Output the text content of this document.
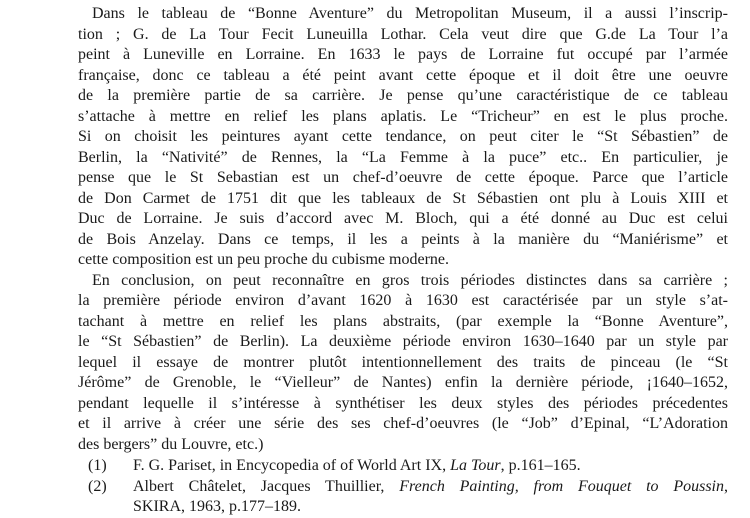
Dans le tableau de “Bonne Aventure” du Metropolitan Museum, il a aussi l’inscrip-
tion ; G. de La Tour Fecit Luneuilla Lothar. Cela veut dire que G.de La Tour l’a
peint à Luneville en Lorraine. En 1633 le pays de Lorraine fut occupé par l’armée
française, donc ce tableau a été peint avant cette époque et il doit être une oeuvre
de la première partie de sa carrière. Je pense qu’une caractéristique de ce tableau
s’attache à mettre en relief les plans aplatis. Le “Tricheur” en est le plus proche.
Si on choisit les peintures ayant cette tendance, on peut citer le “St Sébastien” de
Berlin, la “Nativité” de Rennes, la “La Femme à la puce” etc.. En particulier, je
pense que le St Sebastian est un chef-d’oeuvre de cette époque. Parce que l’article
de Don Carmet de 1751 dit que les tableaux de St Sébastien ont plu à Louis XIII et
Duc de Lorraine. Je suis d’accord avec M. Bloch, qui a été donné au Duc est celui
de Bois Anzelay. Dans ce temps, il les a peints à la manière du “Maniérisme” et
cette composition est un peu proche du cubisme moderne.
En conclusion, on peut reconnaître en gros trois périodes distinctes dans sa carrière ;
la première période environ d’avant 1620 à 1630 est caractérisée par un style s’at-
tachant à mettre en relief les plans abstraits, (par exemple la “Bonne Aventure”,
le “St Sébastien” de Berlin). La deuxième période environ 1630–1640 par un style par
lequel il essaye de montrer plutôt intentionnellement des traits de pinceau (le “St
Jérôme” de Grenoble, le “Vielleur” de Nantes) enfin la dernière période, ¡1640–1652,
pendant lequelle il s’intéresse à synthétiser les deux styles des périodes précedentes
et il arrive à créer une série des ses chef-d’oeuvres (le “Job” d’Epinal, “L’Adoration
des bergers” du Louvre, etc.)
(1) F. G. Pariset, in Encycopedia of of World Art IX, La Tour, p.161–165.
(2) Albert Châtelet, Jacques Thuillier, French Painting, from Fouquet to Poussin,
SKIRA, 1963, p.177–189.
